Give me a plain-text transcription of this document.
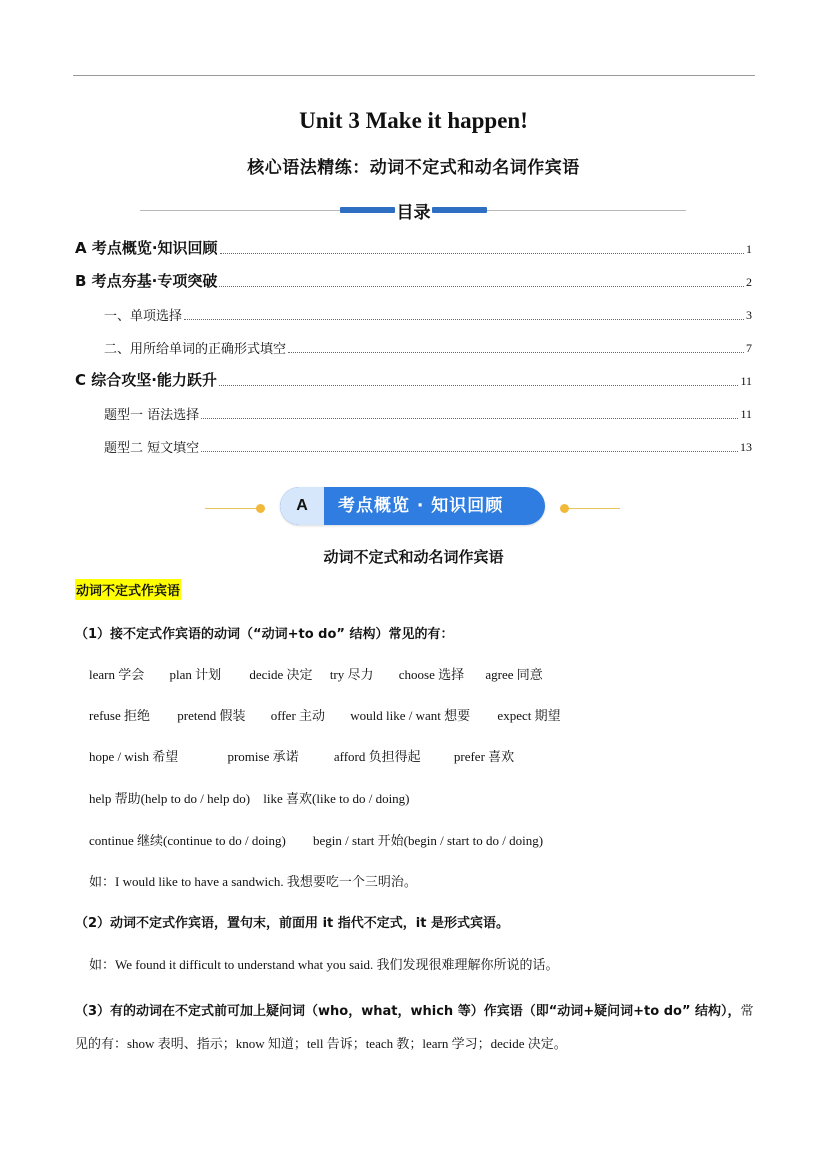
Unit 3 Make it happen!
核心语法精练：动词不定式和动名词作宾语
目录
A 考点概览·知识回顾	1
B 考点夯基·专项突破	2
一、单项选择	3
二、用所给单词的正确形式填空	7
C 综合攻坚·能力跃升	11
题型一 语法选择	11
题型二 短文填空	13
A	考点概览 · 知识回顾
动词不定式和动名词作宾语
动词不定式作宾语
（1）接不定式作宾语的动词（“动词+to do” 结构）常见的有：
learn 学会 plan 计划 decide 决定 try 尽力 choose 选择 agree 同意
refuse 拒绝 pretend 假装 offer 主动 would like / want 想要 expect 期望
hope / wish 希望	promise 承诺	afford 负担得起	prefer 喜欢
help 帮助(help to do / help do) like 喜欢(like to do / doing)
continue 继续(continue to do / doing) begin / start 开始(begin / start to do / doing)
如：I would like to have a sandwich. 我想要吃一个三明治。
（2）动词不定式作宾语，置句末，前面用 it 指代不定式，it 是形式宾语。
如：We found it difficult to understand what you said. 我们发现很难理解你所说的话。
（3）有的动词在不定式前可加上疑问词（who，what，which 等）作宾语（即“动词+疑问词+to do” 结构），常见的有：show 表明、指示；know 知道；tell 告诉；teach 教；learn 学习；decide 决定。
